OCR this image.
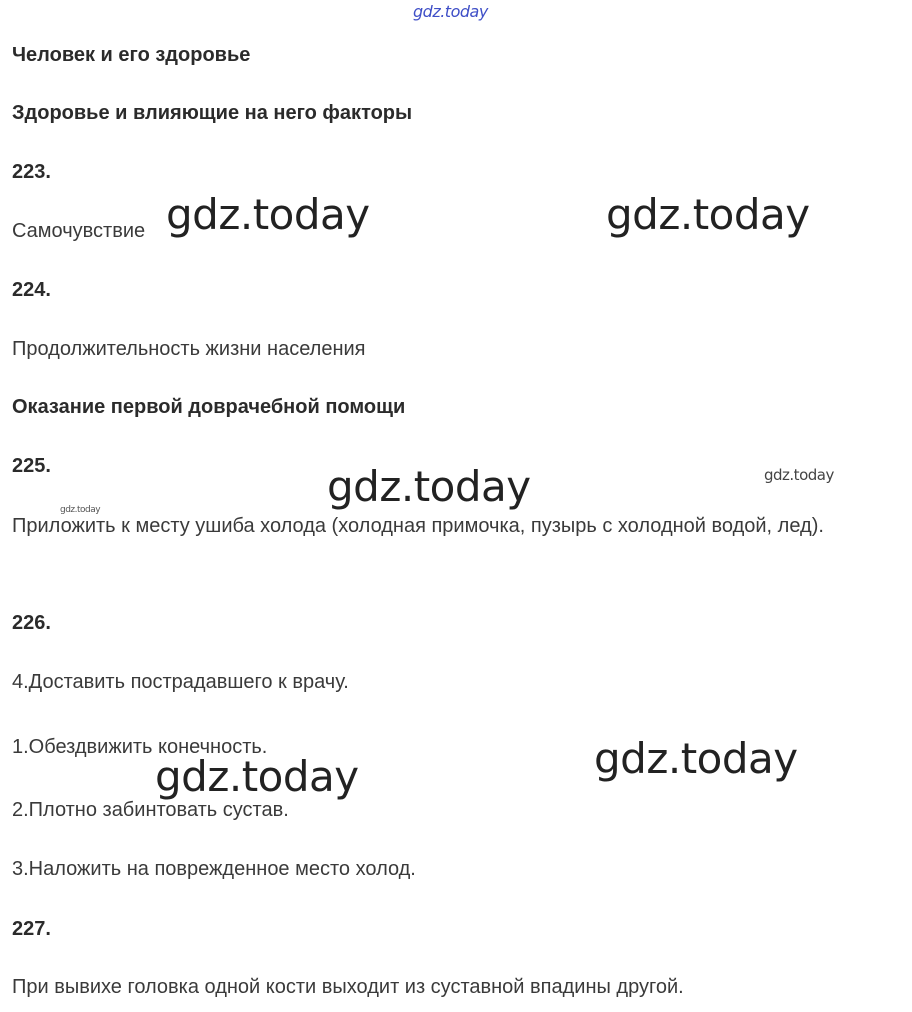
gdz.today
Человек и его здоровье
Здоровье и влияющие на него факторы
223.
Самочувствие
224.
Продолжительность жизни населения
Оказание первой доврачебной помощи
225.
Приложить к месту ушиба холода (холодная примочка, пузырь с холодной водой, лед).
226.
4.Доставить пострадавшего к врачу.
1.Обездвижить конечность.
2.Плотно забинтовать сустав.
3.Наложить на поврежденное место холод.
227.
При вывихе головка одной кости выходит из суставной впадины другой.
gdz.today	gdz.today
gdz.today	gdz.today
gdz.today
gdz.today
gdz.today
